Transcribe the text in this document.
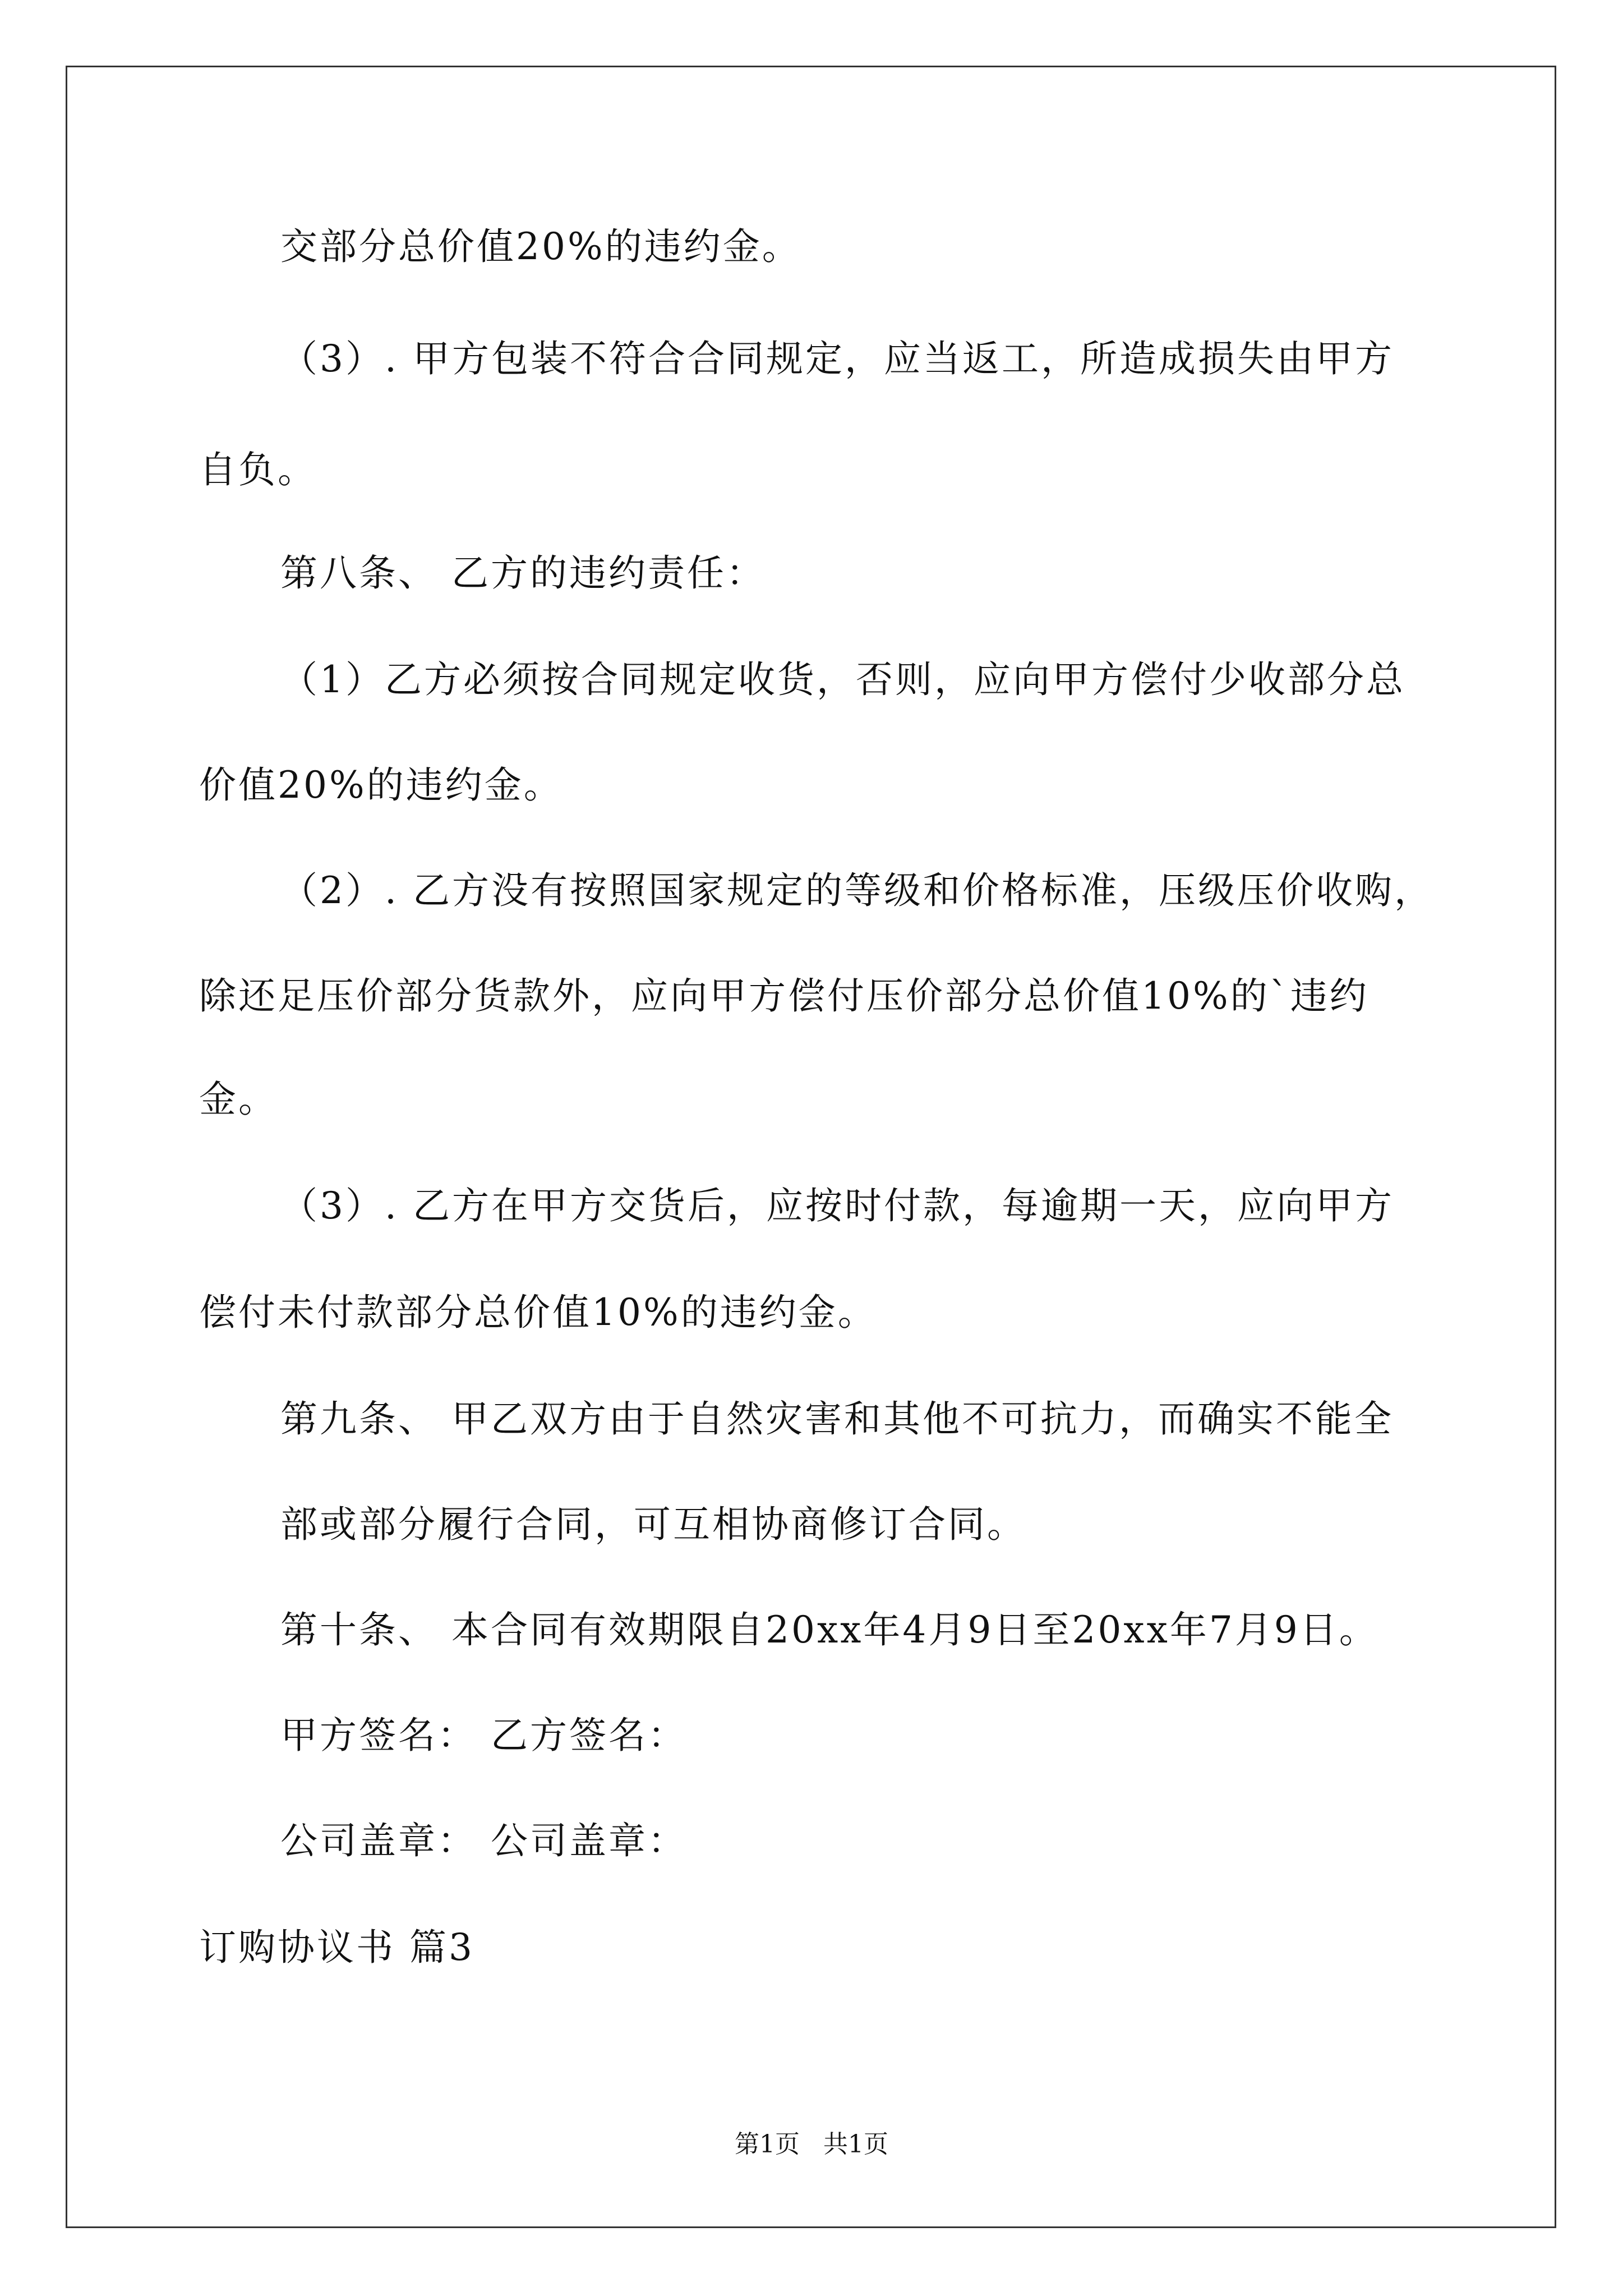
交部分总价值20%的违约金。
（3）. 甲方包装不符合合同规定，应当返工，所造成损失由甲方
自负。
第八条、 乙方的违约责任：
（1）乙方必须按合同规定收货，否则，应向甲方偿付少收部分总
价值20%的违约金。
（2）. 乙方没有按照国家规定的等级和价格标准，压级压价收购，
除还足压价部分货款外，应向甲方偿付压价部分总价值10%的`违约
金。
（3）. 乙方在甲方交货后，应按时付款，每逾期一天，应向甲方
偿付未付款部分总价值10%的违约金。
第九条、 甲乙双方由于自然灾害和其他不可抗力，而确实不能全
部或部分履行合同，可互相协商修订合同。
第十条、 本合同有效期限自20xx年4月9日至20xx年7月9日。
甲方签名： 乙方签名：
公司盖章： 公司盖章：
订购协议书 篇3
第1页   共1页
